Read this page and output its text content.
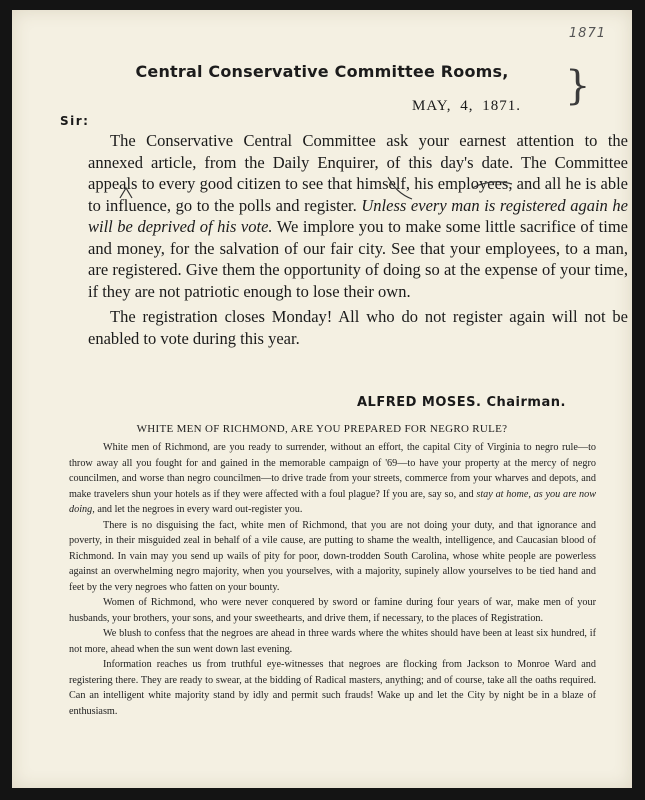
1871
Central Conservative Committee Rooms,	}
MAY, 4, 1871.
Sir:

The Conservative Central Committee ask your earnest attention to the annexed article, from the Daily Enquirer, of this day's date. The Committee appeals to every good citizen to see that himself, his employees, and all he is able to influence, go to the polls and register. Unless every man is registered again he will be deprived of his vote. We implore you to make some little sacrifice of time and money, for the salvation of our fair city. See that your employees, to a man, are registered. Give them the opportunity of doing so at the expense of your time, if they are not patriotic enough to lose their own.

The registration closes Monday! All who do not register again will not be enabled to vote during this year.

ALFRED MOSES. Chairman.
WHITE MEN OF RICHMOND, ARE YOU PREPARED FOR NEGRO RULE?

White men of Richmond, are you ready to surrender, without an effort, the capital City of Virginia to negro rule—to throw away all you fought for and gained in the memorable campaign of '69—to have your property at the mercy of negro councilmen, and worse than negro councilmen—to drive trade from your streets, commerce from your wharves and depots, and make travelers shun your hotels as if they were affected with a foul plague? If you are, say so, and stay at home, as you are now doing, and let the negroes in every ward out-register you.

There is no disguising the fact, white men of Richmond, that you are not doing your duty, and that ignorance and poverty, in their misguided zeal in behalf of a vile cause, are putting to shame the wealth, intelligence, and Caucasian blood of Richmond. In vain may you send up wails of pity for poor, down-trodden South Carolina, whose white people are powerless against an overwhelming negro majority, when you yourselves, with a majority, supinely allow yourselves to be tied hand and feet by the very negroes who fatten on your bounty.

Women of Richmond, who were never conquered by sword or famine during four years of war, make men of your husbands, your brothers, your sons, and your sweethearts, and drive them, if necessary, to the places of Registration.

We blush to confess that the negroes are ahead in three wards where the whites should have been at least six hundred, if not more, ahead when the sun went down last evening.

Information reaches us from truthful eye-witnesses that negroes are flocking from Jackson to Monroe Ward and registering there. They are ready to swear, at the bidding of Radical masters, anything; and of course, take all the oaths required. Can an intelligent white majority stand by idly and permit such frauds! Wake up and let the City by night be in a blaze of enthusiasm.
